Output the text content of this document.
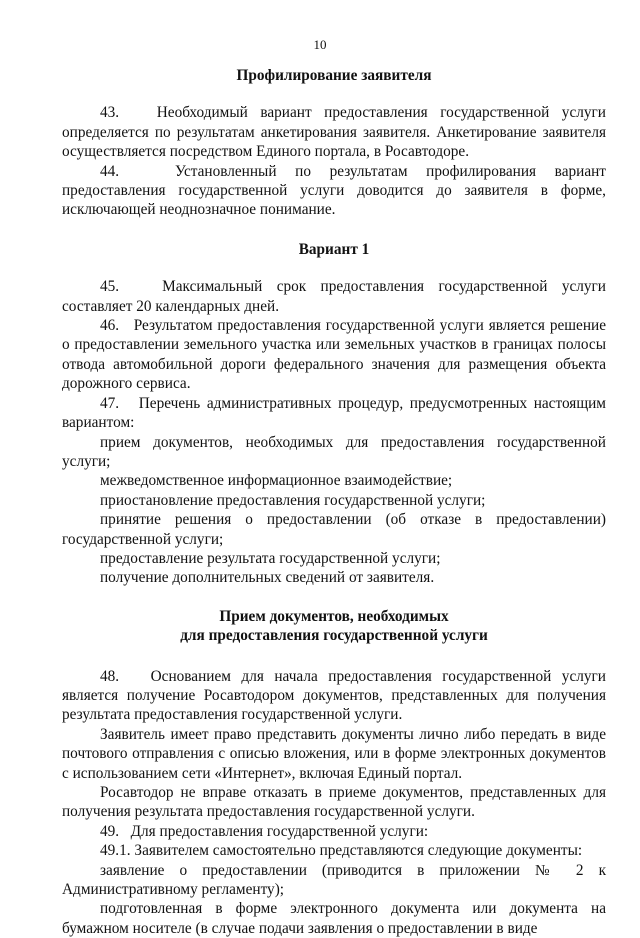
10
Профилирование заявителя

43.   Необходимый вариант предоставления государственной услуги определяется по результатам анкетирования заявителя. Анкетирование заявителя осуществляется посредством Единого портала, в Росавтодоре.

44.   Установленный по результатам профилирования вариант предоставления государственной услуги доводится до заявителя в форме, исключающей неоднозначное понимание.

Вариант 1

45.   Максимальный срок предоставления государственной услуги составляет 20 календарных дней.

46.   Результатом предоставления государственной услуги является решение о предоставлении земельного участка или земельных участков в границах полосы отвода автомобильной дороги федерального значения для размещения объекта дорожного сервиса.

47.   Перечень административных процедур, предусмотренных настоящим вариантом:

прием документов, необходимых для предоставления государственной услуги;

межведомственное информационное взаимодействие;

приостановление предоставления государственной услуги;

принятие решения о предоставлении (об отказе в предоставлении) государственной услуги;

предоставление результата государственной услуги;

получение дополнительных сведений от заявителя.

Прием документов, необходимых
для предоставления государственной услуги

48.   Основанием для начала предоставления государственной услуги является получение Росавтодором документов, представленных для получения результата предоставления государственной услуги.

Заявитель имеет право представить документы лично либо передать в виде почтового отправления с описью вложения, или в форме электронных документов с использованием сети «Интернет», включая Единый портал.

Росавтодор не вправе отказать в приеме документов, представленных для получения результата предоставления государственной услуги.

49.   Для предоставления государственной услуги:

49.1. Заявителем самостоятельно представляются следующие документы:

заявление о предоставлении (приводится в приложении № 2 к Административному регламенту);

подготовленная в форме электронного документа или документа на бумажном носителе (в случае подачи заявления о предоставлении в виде
